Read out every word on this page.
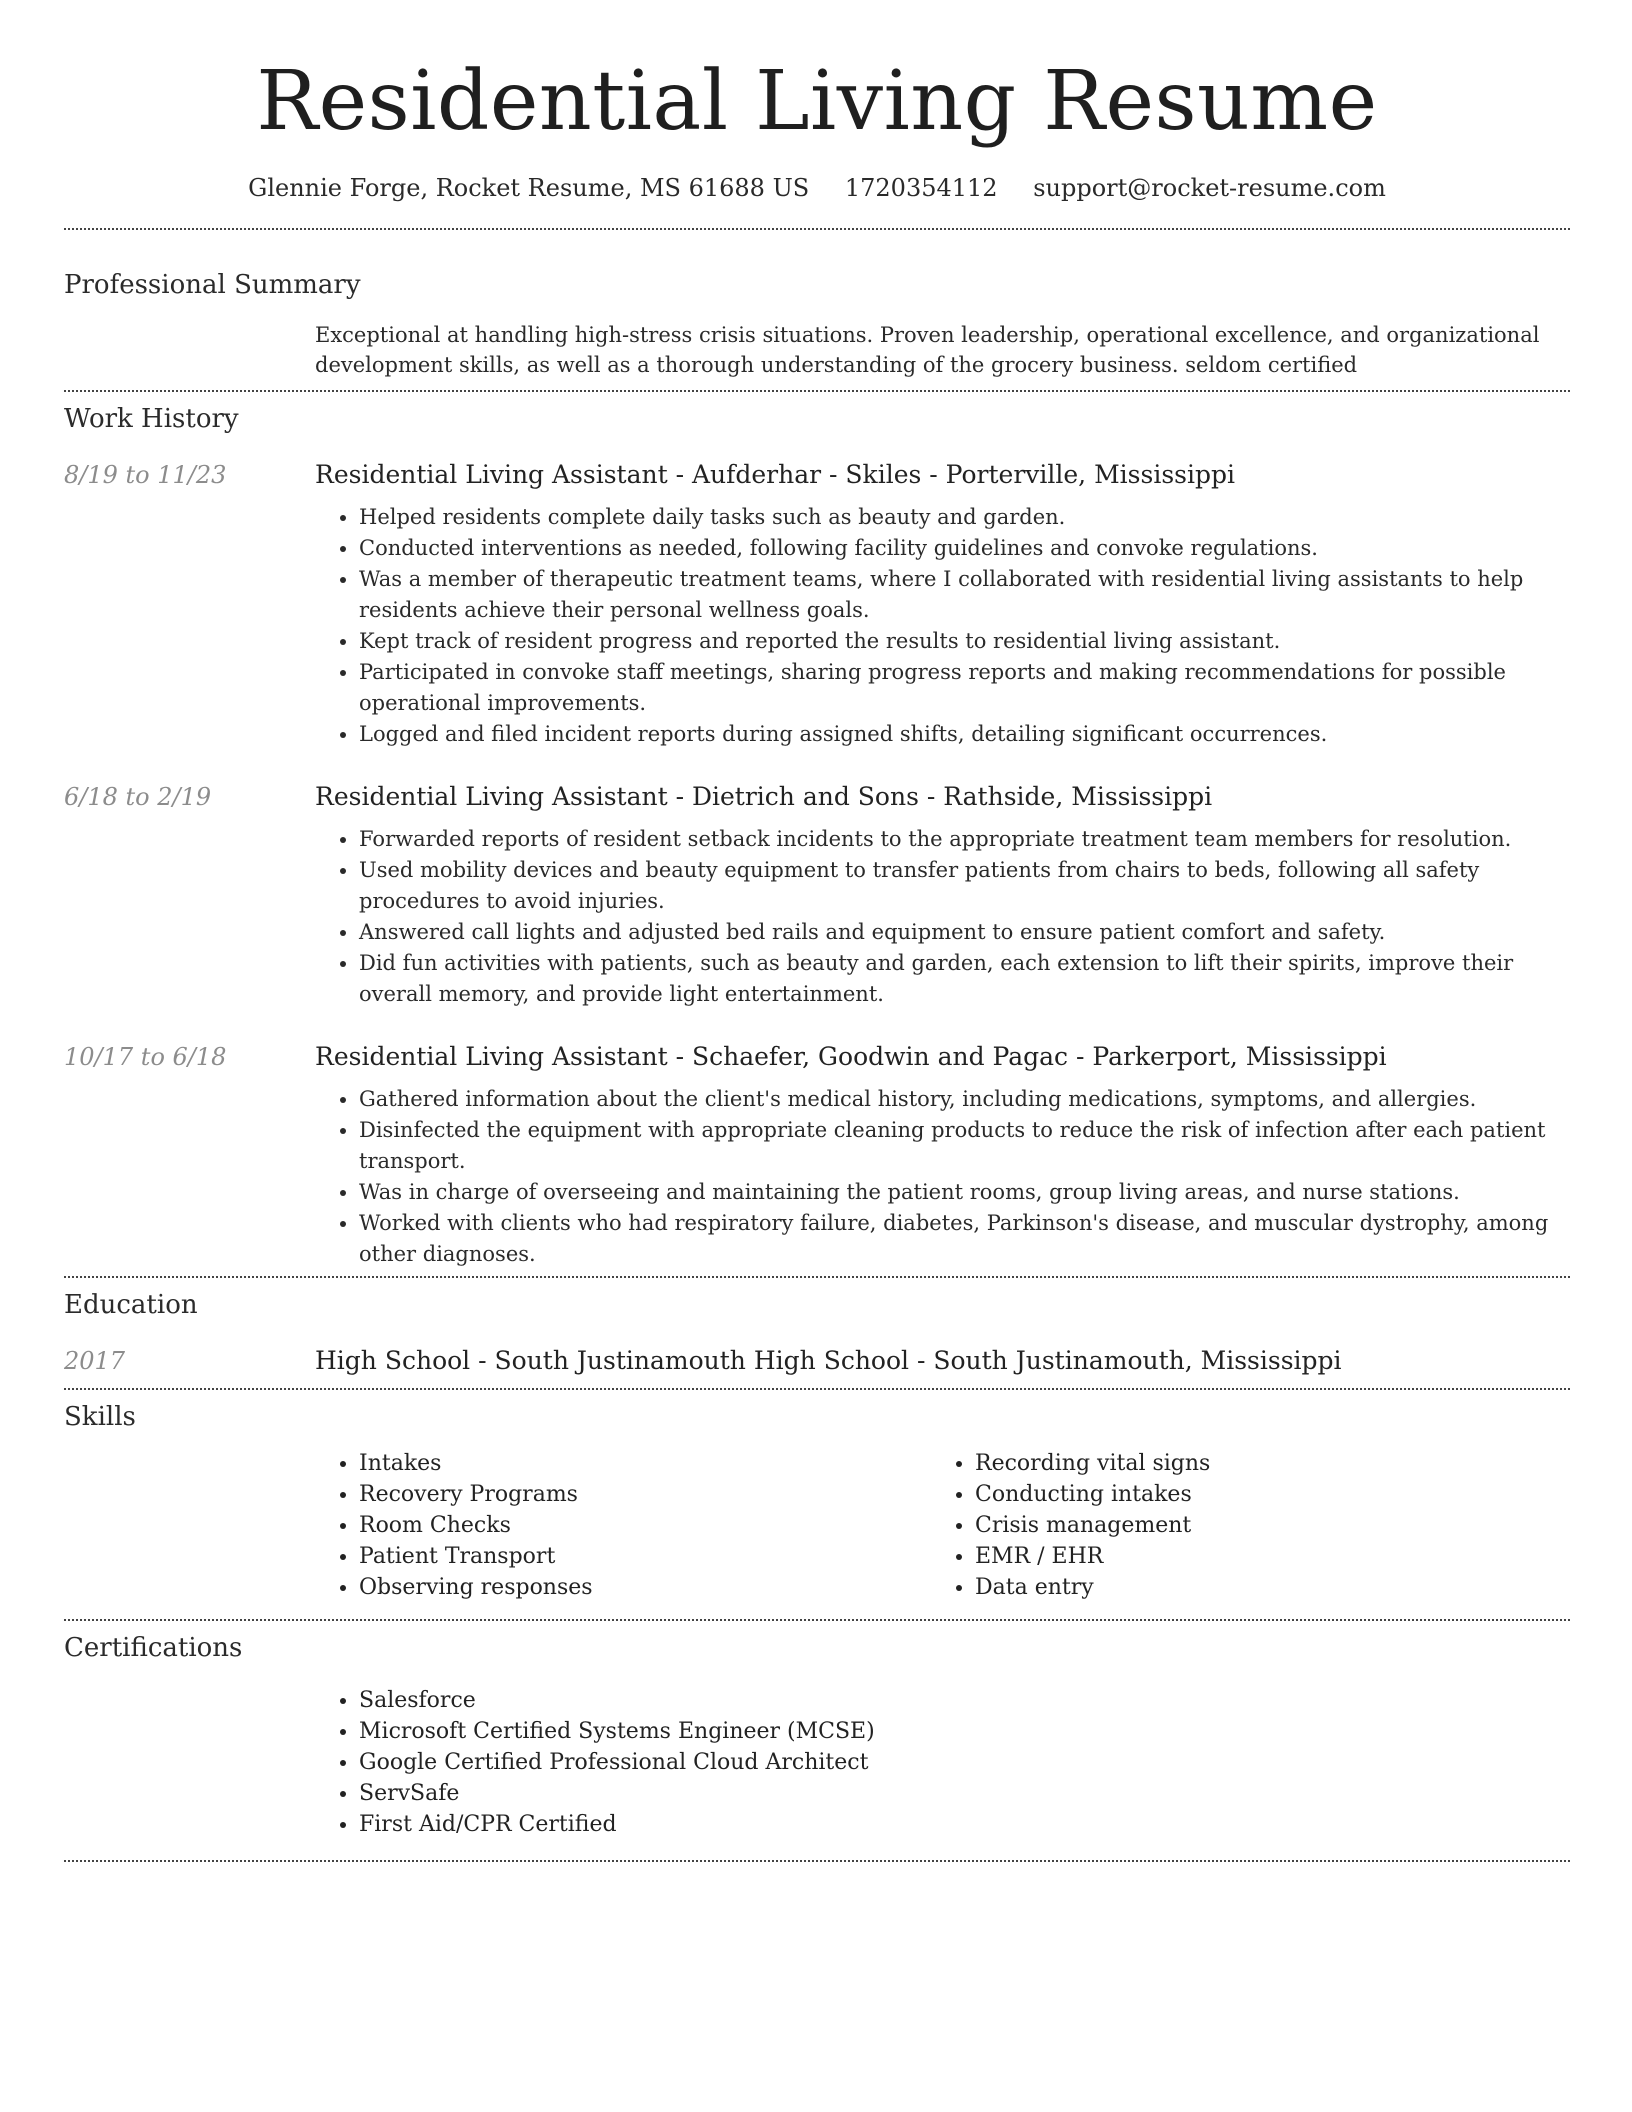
Residential Living Resume
Glennie Forge, Rocket Resume, MS 61688 US 1720354112 support@rocket-resume.com
Professional Summary

Exceptional at handling high-stress crisis situations. Proven leadership, operational excellence, and organizational development skills, as well as a thorough understanding of the grocery business. seldom certified

Work History
8/19 to 11/23	Residential Living Assistant - Aufderhar - Skiles - Porterville, Mississippi
• Helped residents complete daily tasks such as beauty and garden.
• Conducted interventions as needed, following facility guidelines and convoke regulations.
• Was a member of therapeutic treatment teams, where I collaborated with residential living assistants to help residents achieve their personal wellness goals.
• Kept track of resident progress and reported the results to residential living assistant.
• Participated in convoke staff meetings, sharing progress reports and making recommendations for possible operational improvements.
• Logged and filed incident reports during assigned shifts, detailing significant occurrences.
6/18 to 2/19	Residential Living Assistant - Dietrich and Sons - Rathside, Mississippi
• Forwarded reports of resident setback incidents to the appropriate treatment team members for resolution.
• Used mobility devices and beauty equipment to transfer patients from chairs to beds, following all safety procedures to avoid injuries.
• Answered call lights and adjusted bed rails and equipment to ensure patient comfort and safety.
• Did fun activities with patients, such as beauty and garden, each extension to lift their spirits, improve their overall memory, and provide light entertainment.
10/17 to 6/18	Residential Living Assistant - Schaefer, Goodwin and Pagac - Parkerport, Mississippi
• Gathered information about the client's medical history, including medications, symptoms, and allergies.
• Disinfected the equipment with appropriate cleaning products to reduce the risk of infection after each patient transport.
• Was in charge of overseeing and maintaining the patient rooms, group living areas, and nurse stations.
• Worked with clients who had respiratory failure, diabetes, Parkinson's disease, and muscular dystrophy, among other diagnoses.
Education
2017	High School - South Justinamouth High School - South Justinamouth, Mississippi
Skills
• Intakes
• Recovery Programs
• Room Checks
• Patient Transport
• Observing responses
• Recording vital signs
• Conducting intakes
• Crisis management
• EMR / EHR
• Data entry
Certifications
• Salesforce
• Microsoft Certified Systems Engineer (MCSE)
• Google Certified Professional Cloud Architect
• ServSafe
• First Aid/CPR Certified
